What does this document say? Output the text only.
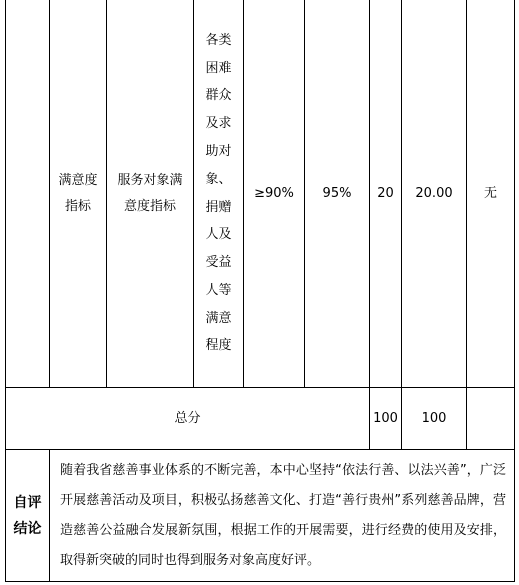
满意度指标
服务对象满意度指标
各类困难群众及求助对象、捐赠人及受益人等满意程度
≥90% 95% 20 20.00 无
总分	100 100
自评
结论
随着我省慈善事业体系的不断完善，本中心坚持“依法行善、以法兴善”，广泛开展慈善活动及项目，积极弘扬慈善文化、打造“善行贵州”系列慈善品牌，营造慈善公益融合发展新氛围，根据工作的开展需要，进行经费的使用及安排，取得新突破的同时也得到服务对象高度好评。
